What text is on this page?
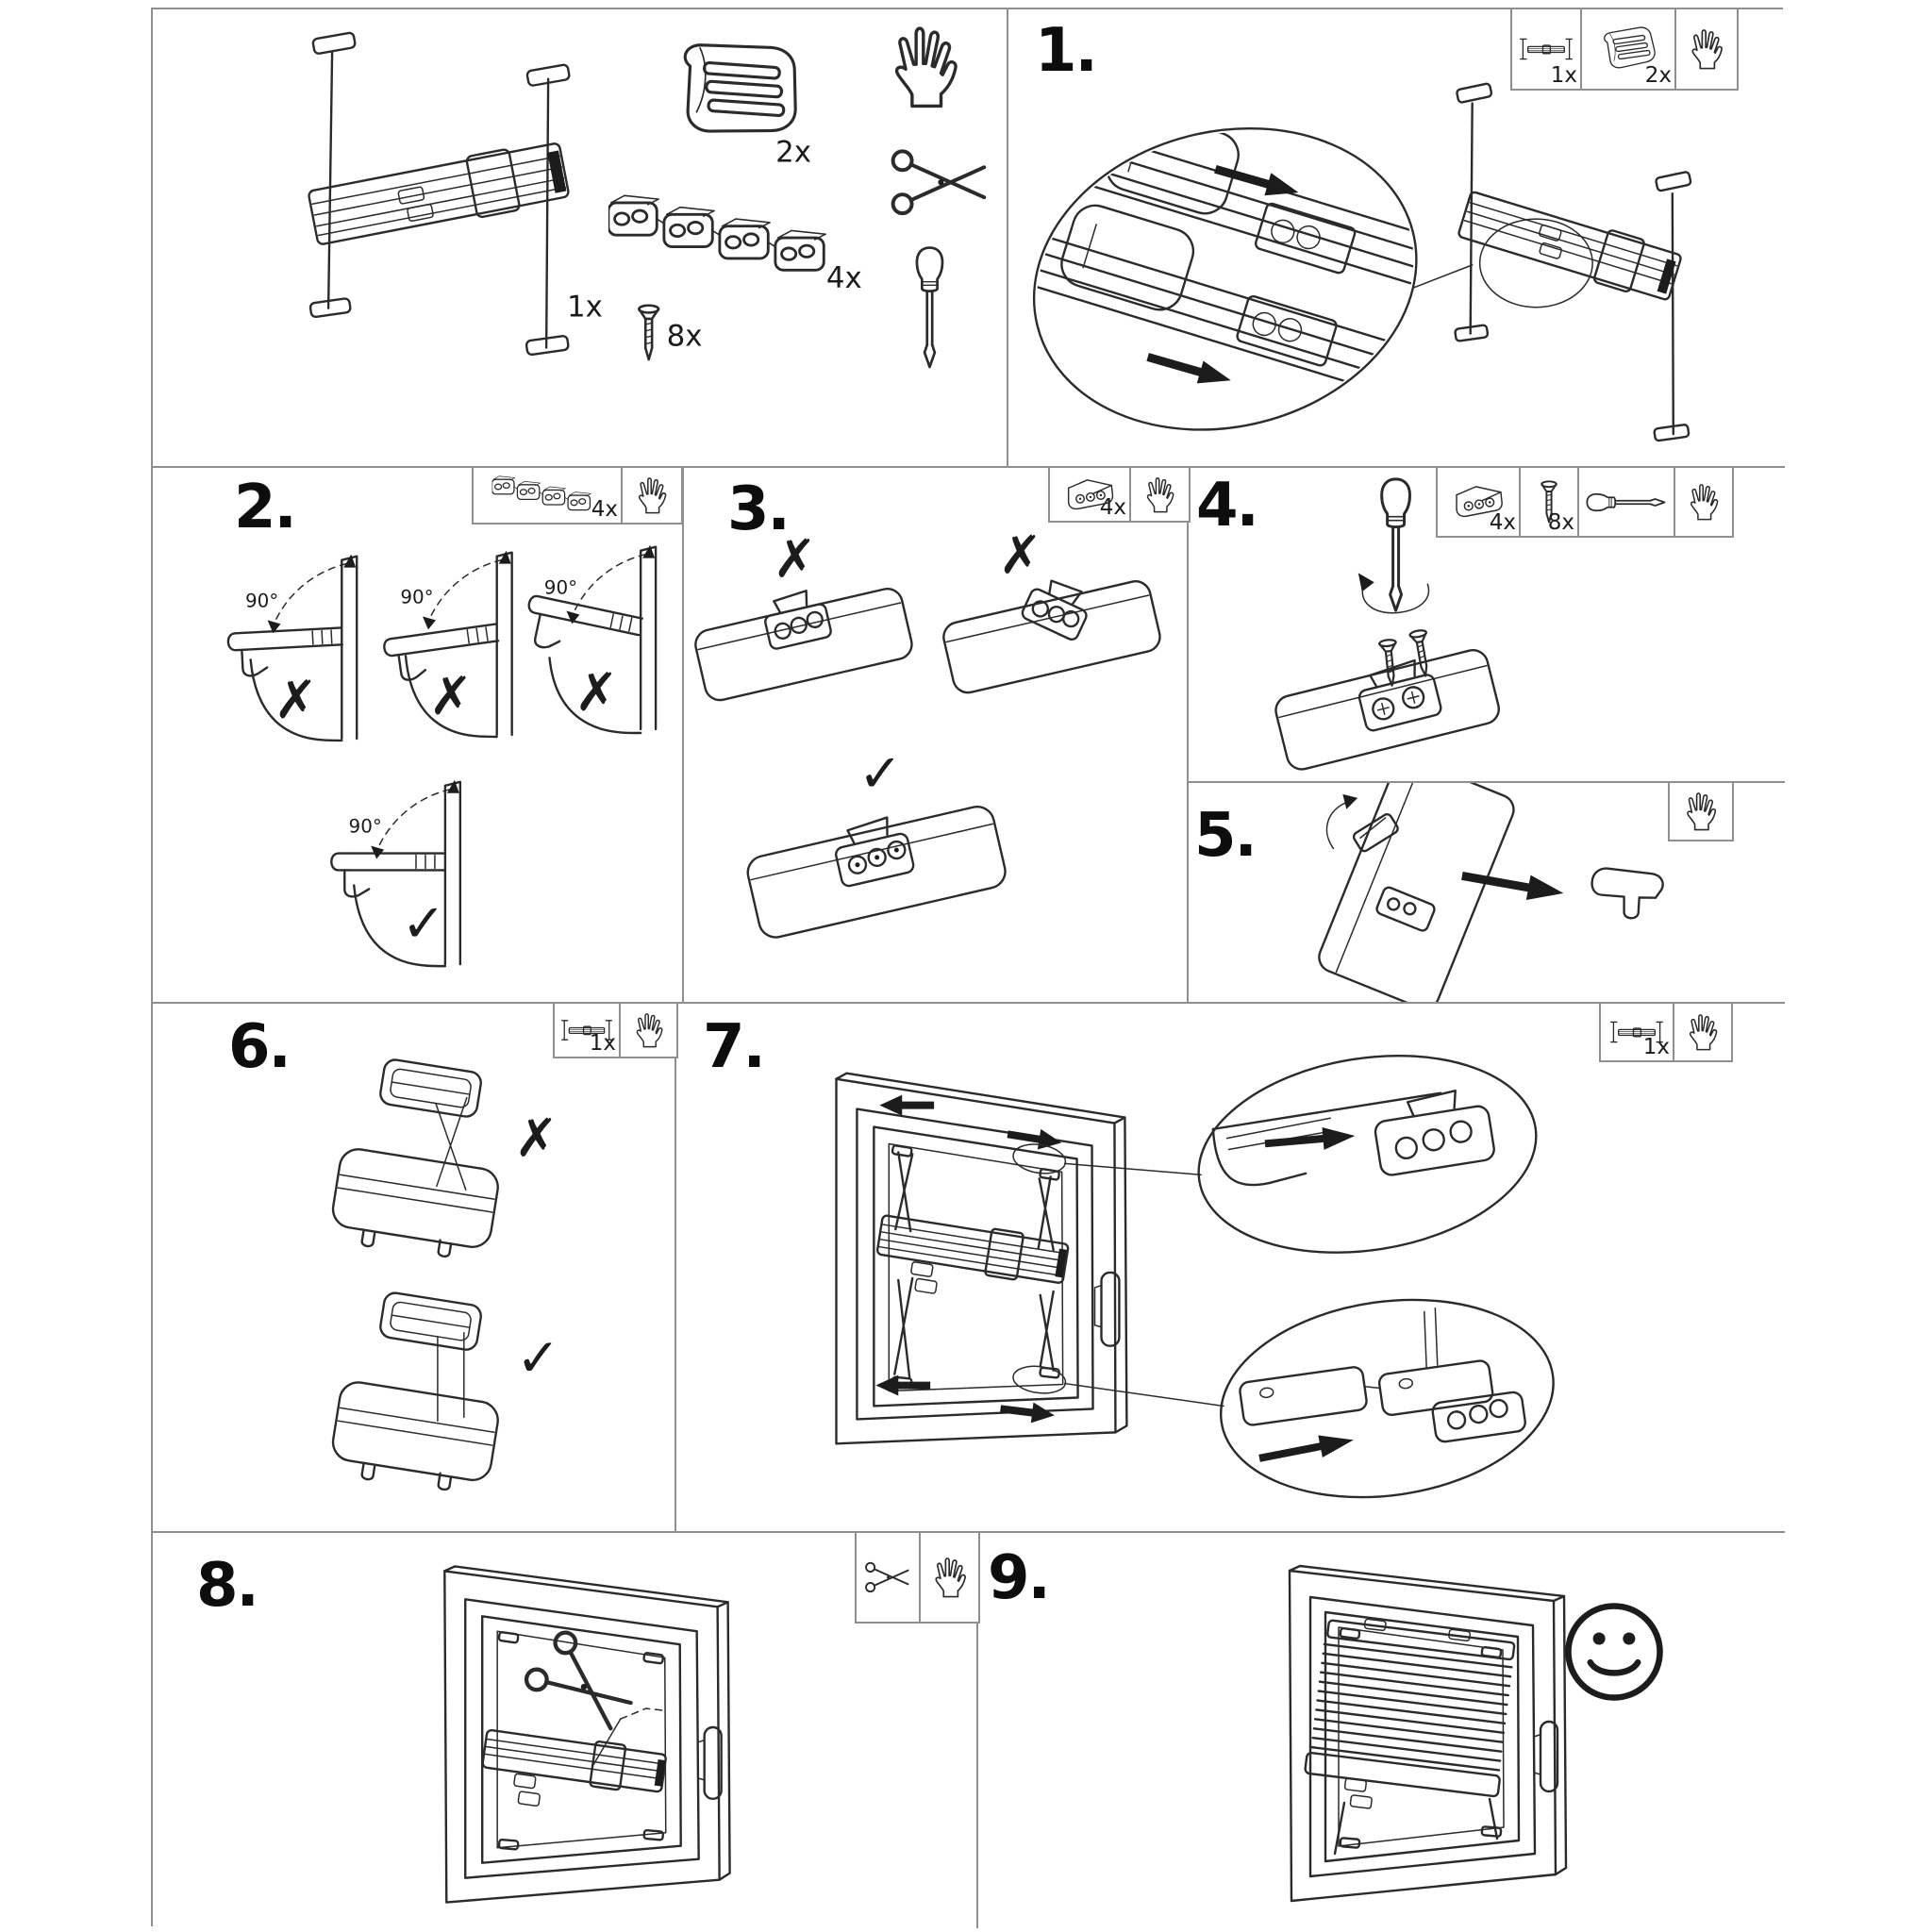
1x
2x
4x
8x
1.	1x	2x
2.	4x
90°
✗
90°
✗
90°
✗
90°
✓
3.	4x
✗	✗
✓
4.	4x 8x
5.
6.	1x
✗
✓
7.	1x
8.	9.
